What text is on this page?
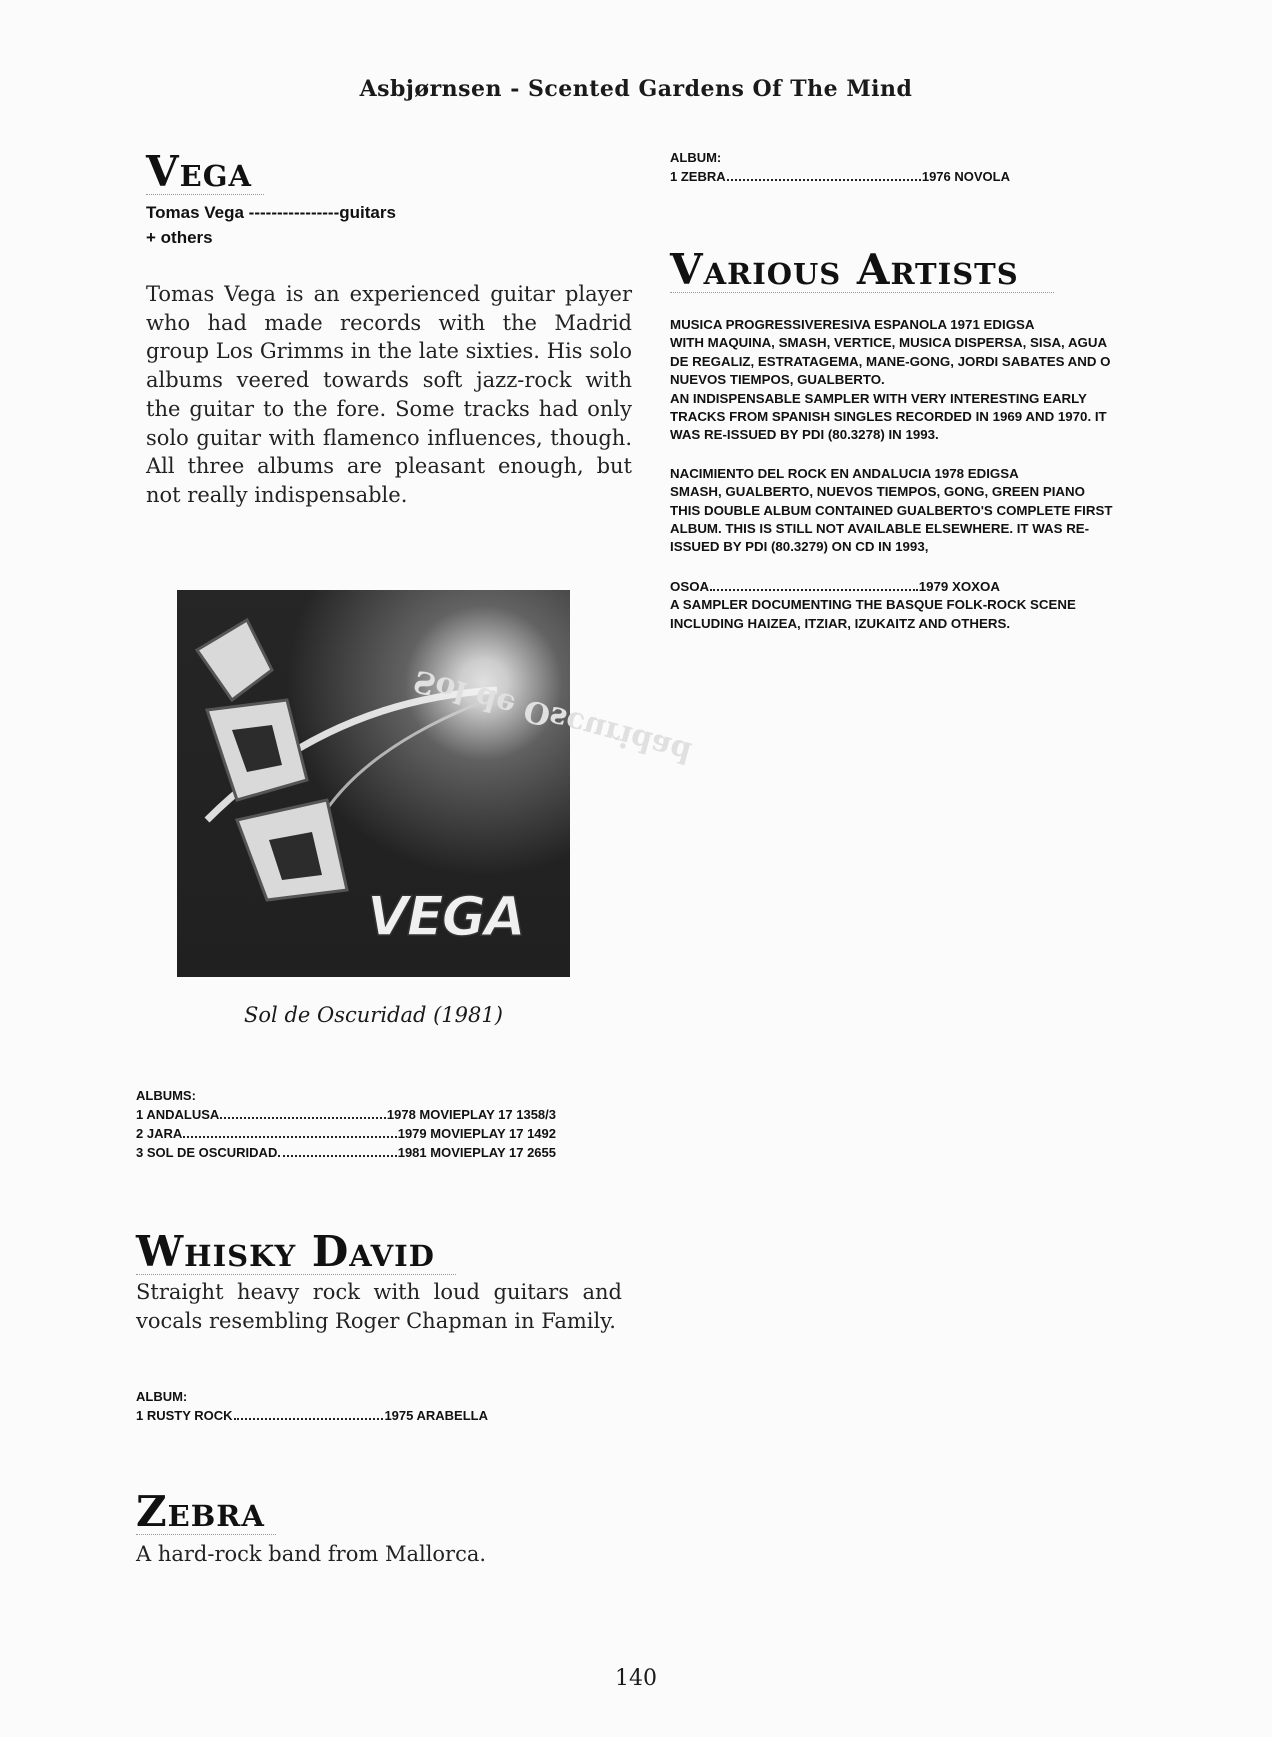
Asbjørnsen - Scented Gardens Of The Mind
Vega
Tomas Vega ----------------guitars
+ others
Tomas Vega is an experienced guitar player who had made records with the Madrid group Los Grimms in the late sixties. His solo albums veered towards soft jazz-rock with the guitar to the fore. Some tracks had only solo guitar with flamenco influences, though. All three albums are pleasant enough, but not really indispensable.
Sol de Oscuridad
VEGA
Sol de Oscuridad (1981)
ALBUMS:
1 ANDALUSA	1978 MOVIEPLAY 17 1358/3
2 JARA	1979 MOVIEPLAY 17 1492
3 SOL DE OSCURIDAD	1981 MOVIEPLAY 17 2655
Whisky David
Straight heavy rock with loud guitars and vocals resembling Roger Chapman in Family.
ALBUM:
1 RUSTY ROCK	1975 ARABELLA
Zebra
A hard-rock band from Mallorca.
ALBUM:
1 ZEBRA	1976 NOVOLA
Various Artists

MUSICA PROGRESSIVERESIVA ESPANOLA 1971 EDIGSA
WITH MAQUINA, SMASH, VERTICE, MUSICA DISPERSA, SISA, AGUA
DE REGALIZ, ESTRATAGEMA, MANE-GONG, JORDI SABATES AND O
NUEVOS TIEMPOS, GUALBERTO.
AN INDISPENSABLE SAMPLER WITH VERY INTERESTING EARLY
TRACKS FROM SPANISH SINGLES RECORDED IN 1969 AND 1970. IT
WAS RE-ISSUED BY PDI (80.3278) IN 1993.

NACIMIENTO DEL ROCK EN ANDALUCIA 1978 EDIGSA
SMASH, GUALBERTO, NUEVOS TIEMPOS, GONG, GREEN PIANO
THIS DOUBLE ALBUM CONTAINED GUALBERTO'S COMPLETE FIRST
ALBUM. THIS IS STILL NOT AVAILABLE ELSEWHERE. IT WAS RE-
ISSUED BY PDI (80.3279) ON CD IN 1993,

OSOA	1979 XOXOA
A SAMPLER DOCUMENTING THE BASQUE FOLK-ROCK SCENE
INCLUDING HAIZEA, ITZIAR, IZUKAITZ AND OTHERS.
140
